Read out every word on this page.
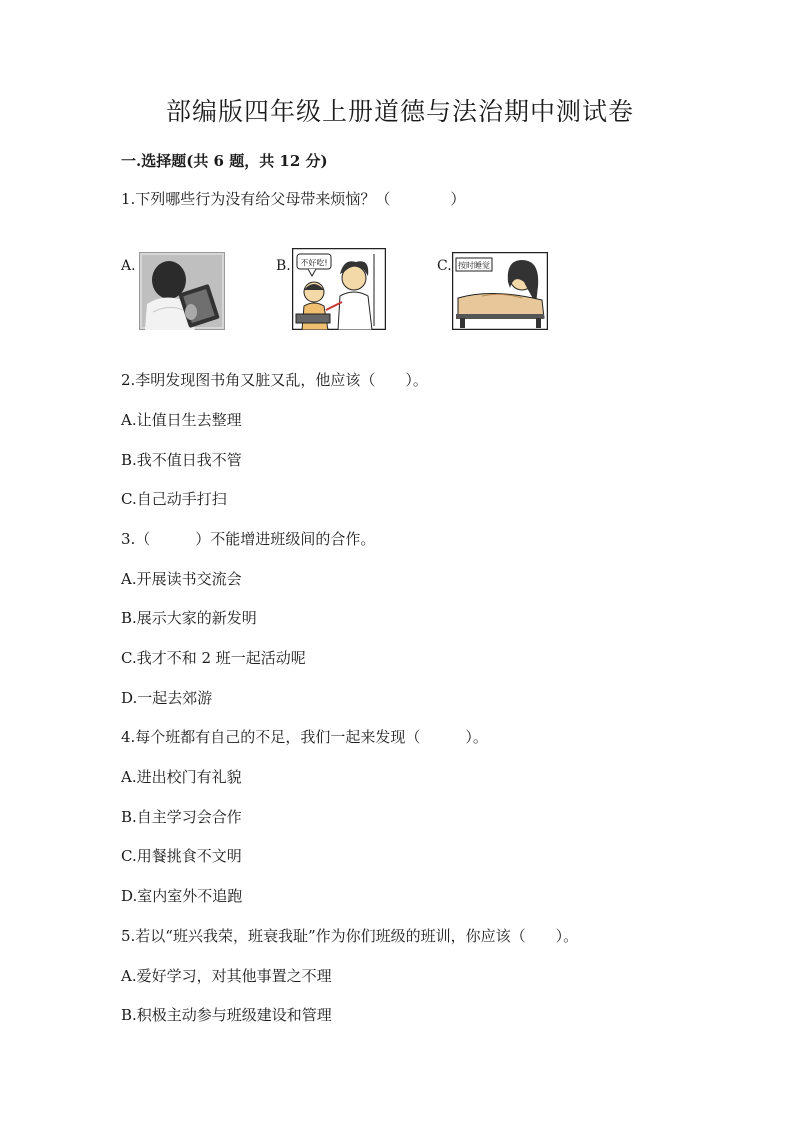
部编版四年级上册道德与法治期中测试卷
一.选择题(共 6 题，共 12 分)
1.下列哪些行为没有给父母带来烦恼？（　　　　）
A.	B. 不好吃!	C. 按时睡觉
2.李明发现图书角又脏又乱，他应该（　　）。
A.让值日生去整理
B.我不值日我不管
C.自己动手打扫
3.（　　　）不能增进班级间的合作。
A.开展读书交流会
B.展示大家的新发明
C.我才不和 2 班一起活动呢
D.一起去郊游
4.每个班都有自己的不足，我们一起来发现（　　　）。
A.进出校门有礼貌
B.自主学习会合作
C.用餐挑食不文明
D.室内室外不追跑
5.若以“班兴我荣，班衰我耻”作为你们班级的班训，你应该（　　）。
A.爱好学习，对其他事置之不理
B.积极主动参与班级建设和管理
